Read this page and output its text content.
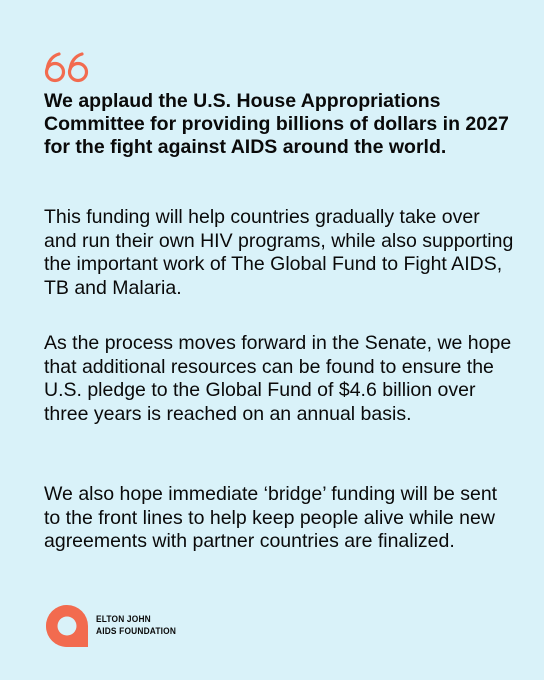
We applaud the U.S. House Appropriations Committee for providing billions of dollars in 2027 for the fight against AIDS around the world.

This funding will help countries gradually take over and run their own HIV programs, while also supporting the important work of The Global Fund to Fight AIDS, TB and Malaria.

As the process moves forward in the Senate, we hope that additional resources can be found to ensure the U.S. pledge to the Global Fund of $4.6 billion over three years is reached on an annual basis.

We also hope immediate ‘bridge’ funding will be sent to the front lines to help keep people alive while new agreements with partner countries are finalized.

ELTON JOHN
AIDS FOUNDATION
